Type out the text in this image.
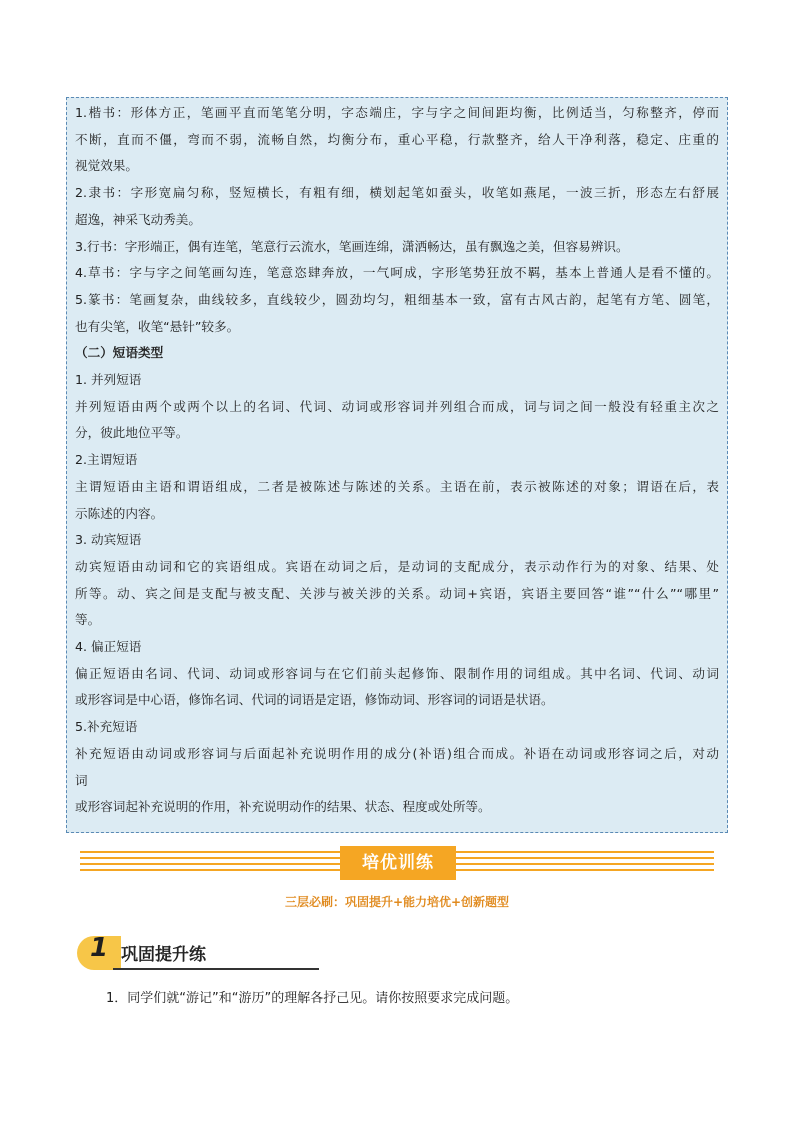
1.楷书：形体方正，笔画平直而笔笔分明，字态端庄，字与字之间间距均衡，比例适当，匀称整齐，停而
不断，直而不僵，弯而不弱，流畅自然，均衡分布，重心平稳，行款整齐，给人干净利落，稳定、庄重的
视觉效果。
2.隶书：字形宽扁匀称，竖短横长，有粗有细，横划起笔如蚕头，收笔如燕尾，一波三折，形态左右舒展
超逸，神采飞动秀美。
3.行书：字形端正，偶有连笔，笔意行云流水，笔画连绵，潇洒畅达，虽有飘逸之美，但容易辨识。
4.草书：字与字之间笔画勾连，笔意恣肆奔放，一气呵成，字形笔势狂放不羁，基本上普通人是看不懂的。
5.篆书：笔画复杂，曲线较多，直线较少，圆劲均匀，粗细基本一致，富有古风古韵，起笔有方笔、圆笔，
也有尖笔，收笔“悬针”较多。
（二）短语类型
1. 并列短语
并列短语由两个或两个以上的名词、代词、动词或形容词并列组合而成，词与词之间一般没有轻重主次之
分，彼此地位平等。
2.主谓短语
主谓短语由主语和谓语组成，二者是被陈述与陈述的关系。主语在前，表示被陈述的对象；谓语在后，表
示陈述的内容。
3. 动宾短语
动宾短语由动词和它的宾语组成。宾语在动词之后，是动词的支配成分，表示动作行为的对象、结果、处
所等。动、宾之间是支配与被支配、关涉与被关涉的关系。动词+宾语，宾语主要回答“谁”“什么”“哪里”
等。
4. 偏正短语
偏正短语由名词、代词、动词或形容词与在它们前头起修饰、限制作用的词组成。其中名词、代词、动词
或形容词是中心语，修饰名词、代词的词语是定语，修饰动词、形容词的词语是状语。
5.补充短语
补充短语由动词或形容词与后面起补充说明作用的成分(补语)组合而成。补语在动词或形容词之后，对动
词
或形容词起补充说明的作用，补充说明动作的结果、状态、程度或处所等。
培优训练
三层必刷：巩固提升+能力培优+创新题型
1 巩固提升练
1．同学们就“游记”和“游历”的理解各抒己见。请你按照要求完成问题。
